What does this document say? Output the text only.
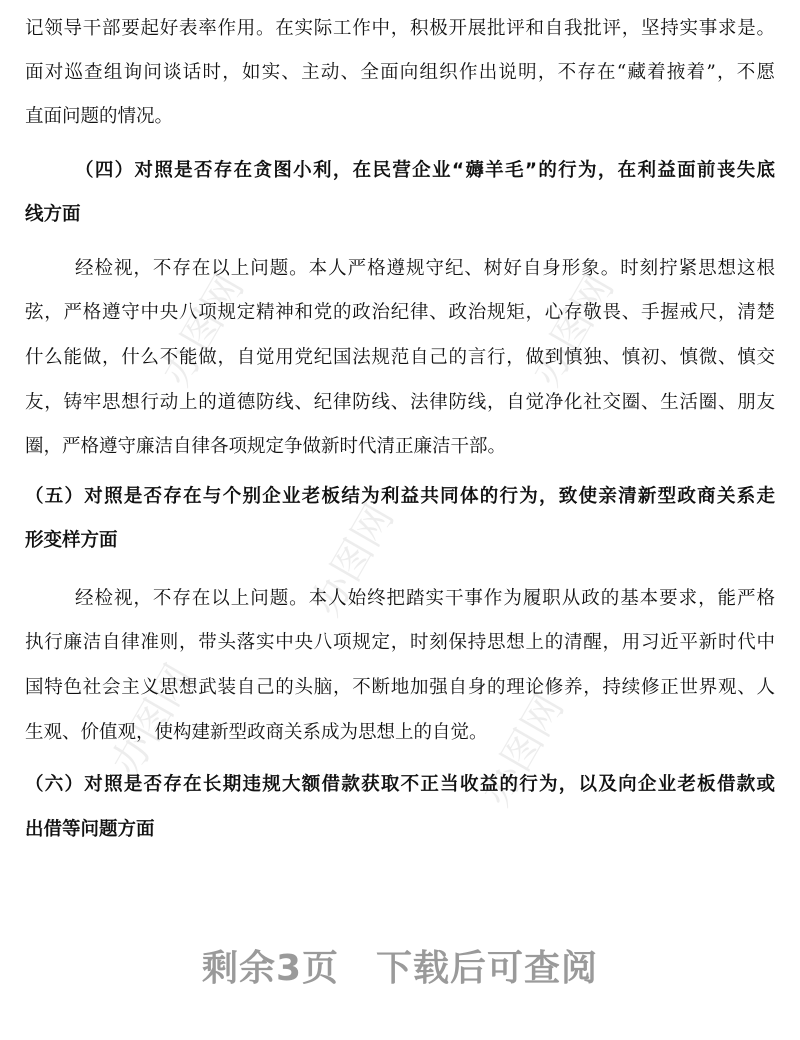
办图网	办图网
办图网
办图网	办图网
记领导干部要起好表率作用。在实际工作中，积极开展批评和自我批评，坚持实事求是。
面对巡查组询问谈话时，如实、主动、全面向组织作出说明，不存在“藏着掖着”，不愿
直面问题的情况。
（四）对照是否存在贪图小利，在民营企业“薅羊毛”的行为，在利益面前丧失底
线方面
经检视，不存在以上问题。本人严格遵规守纪、树好自身形象。时刻拧紧思想这根
弦，严格遵守中央八项规定精神和党的政治纪律、政治规矩，心存敬畏、手握戒尺，清楚
什么能做，什么不能做，自觉用党纪国法规范自己的言行，做到慎独、慎初、慎微、慎交
友，铸牢思想行动上的道德防线、纪律防线、法律防线，自觉净化社交圈、生活圈、朋友
圈，严格遵守廉洁自律各项规定争做新时代清正廉洁干部。
（五）对照是否存在与个别企业老板结为利益共同体的行为，致使亲清新型政商关系走
形变样方面
经检视，不存在以上问题。本人始终把踏实干事作为履职从政的基本要求，能严格
执行廉洁自律准则，带头落实中央八项规定，时刻保持思想上的清醒，用习近平新时代中
国特色社会主义思想武装自己的头脑，不断地加强自身的理论修养，持续修正世界观、人
生观、价值观，使构建新型政商关系成为思想上的自觉。
（六）对照是否存在长期违规大额借款获取不正当收益的行为，以及向企业老板借款或
出借等问题方面
剩余3页　下载后可查阅
